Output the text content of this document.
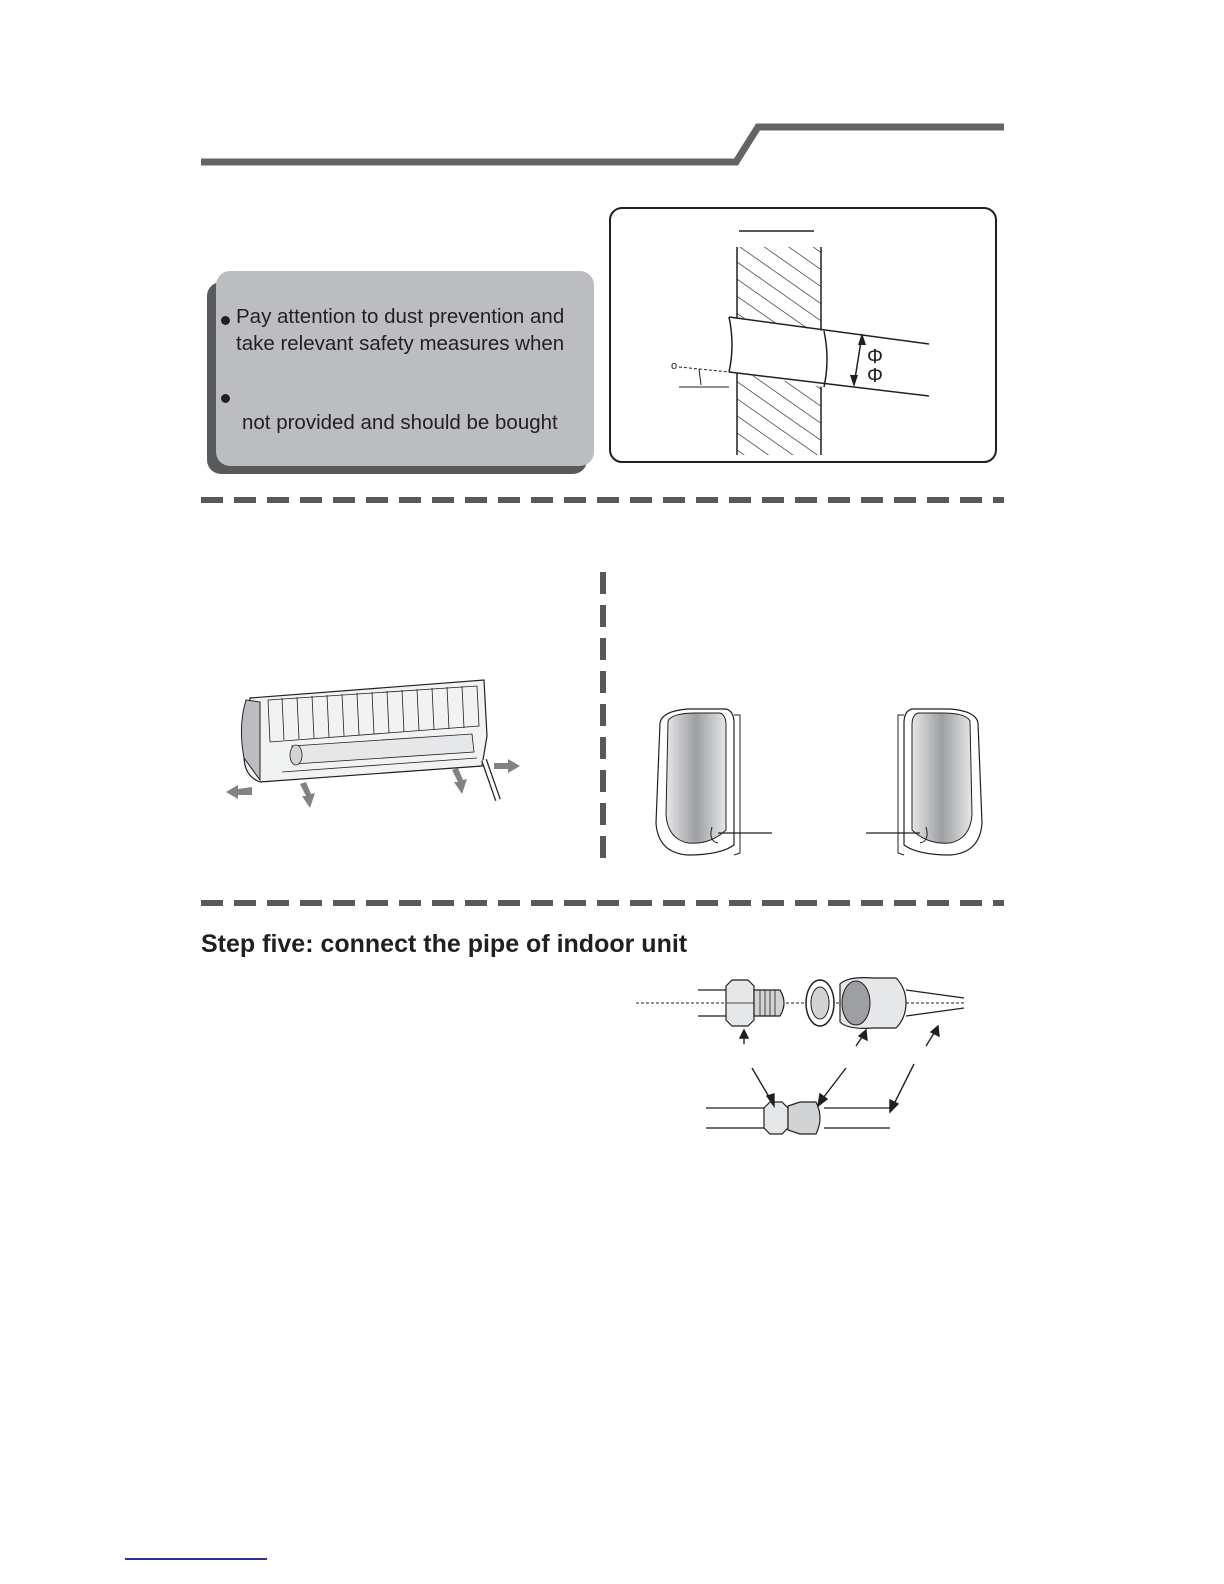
Pay attention to dust prevention and
take relevant safety measures when
not provided and should be bought
Φ
Φ
o
Step five: connect the pipe of indoor unit
